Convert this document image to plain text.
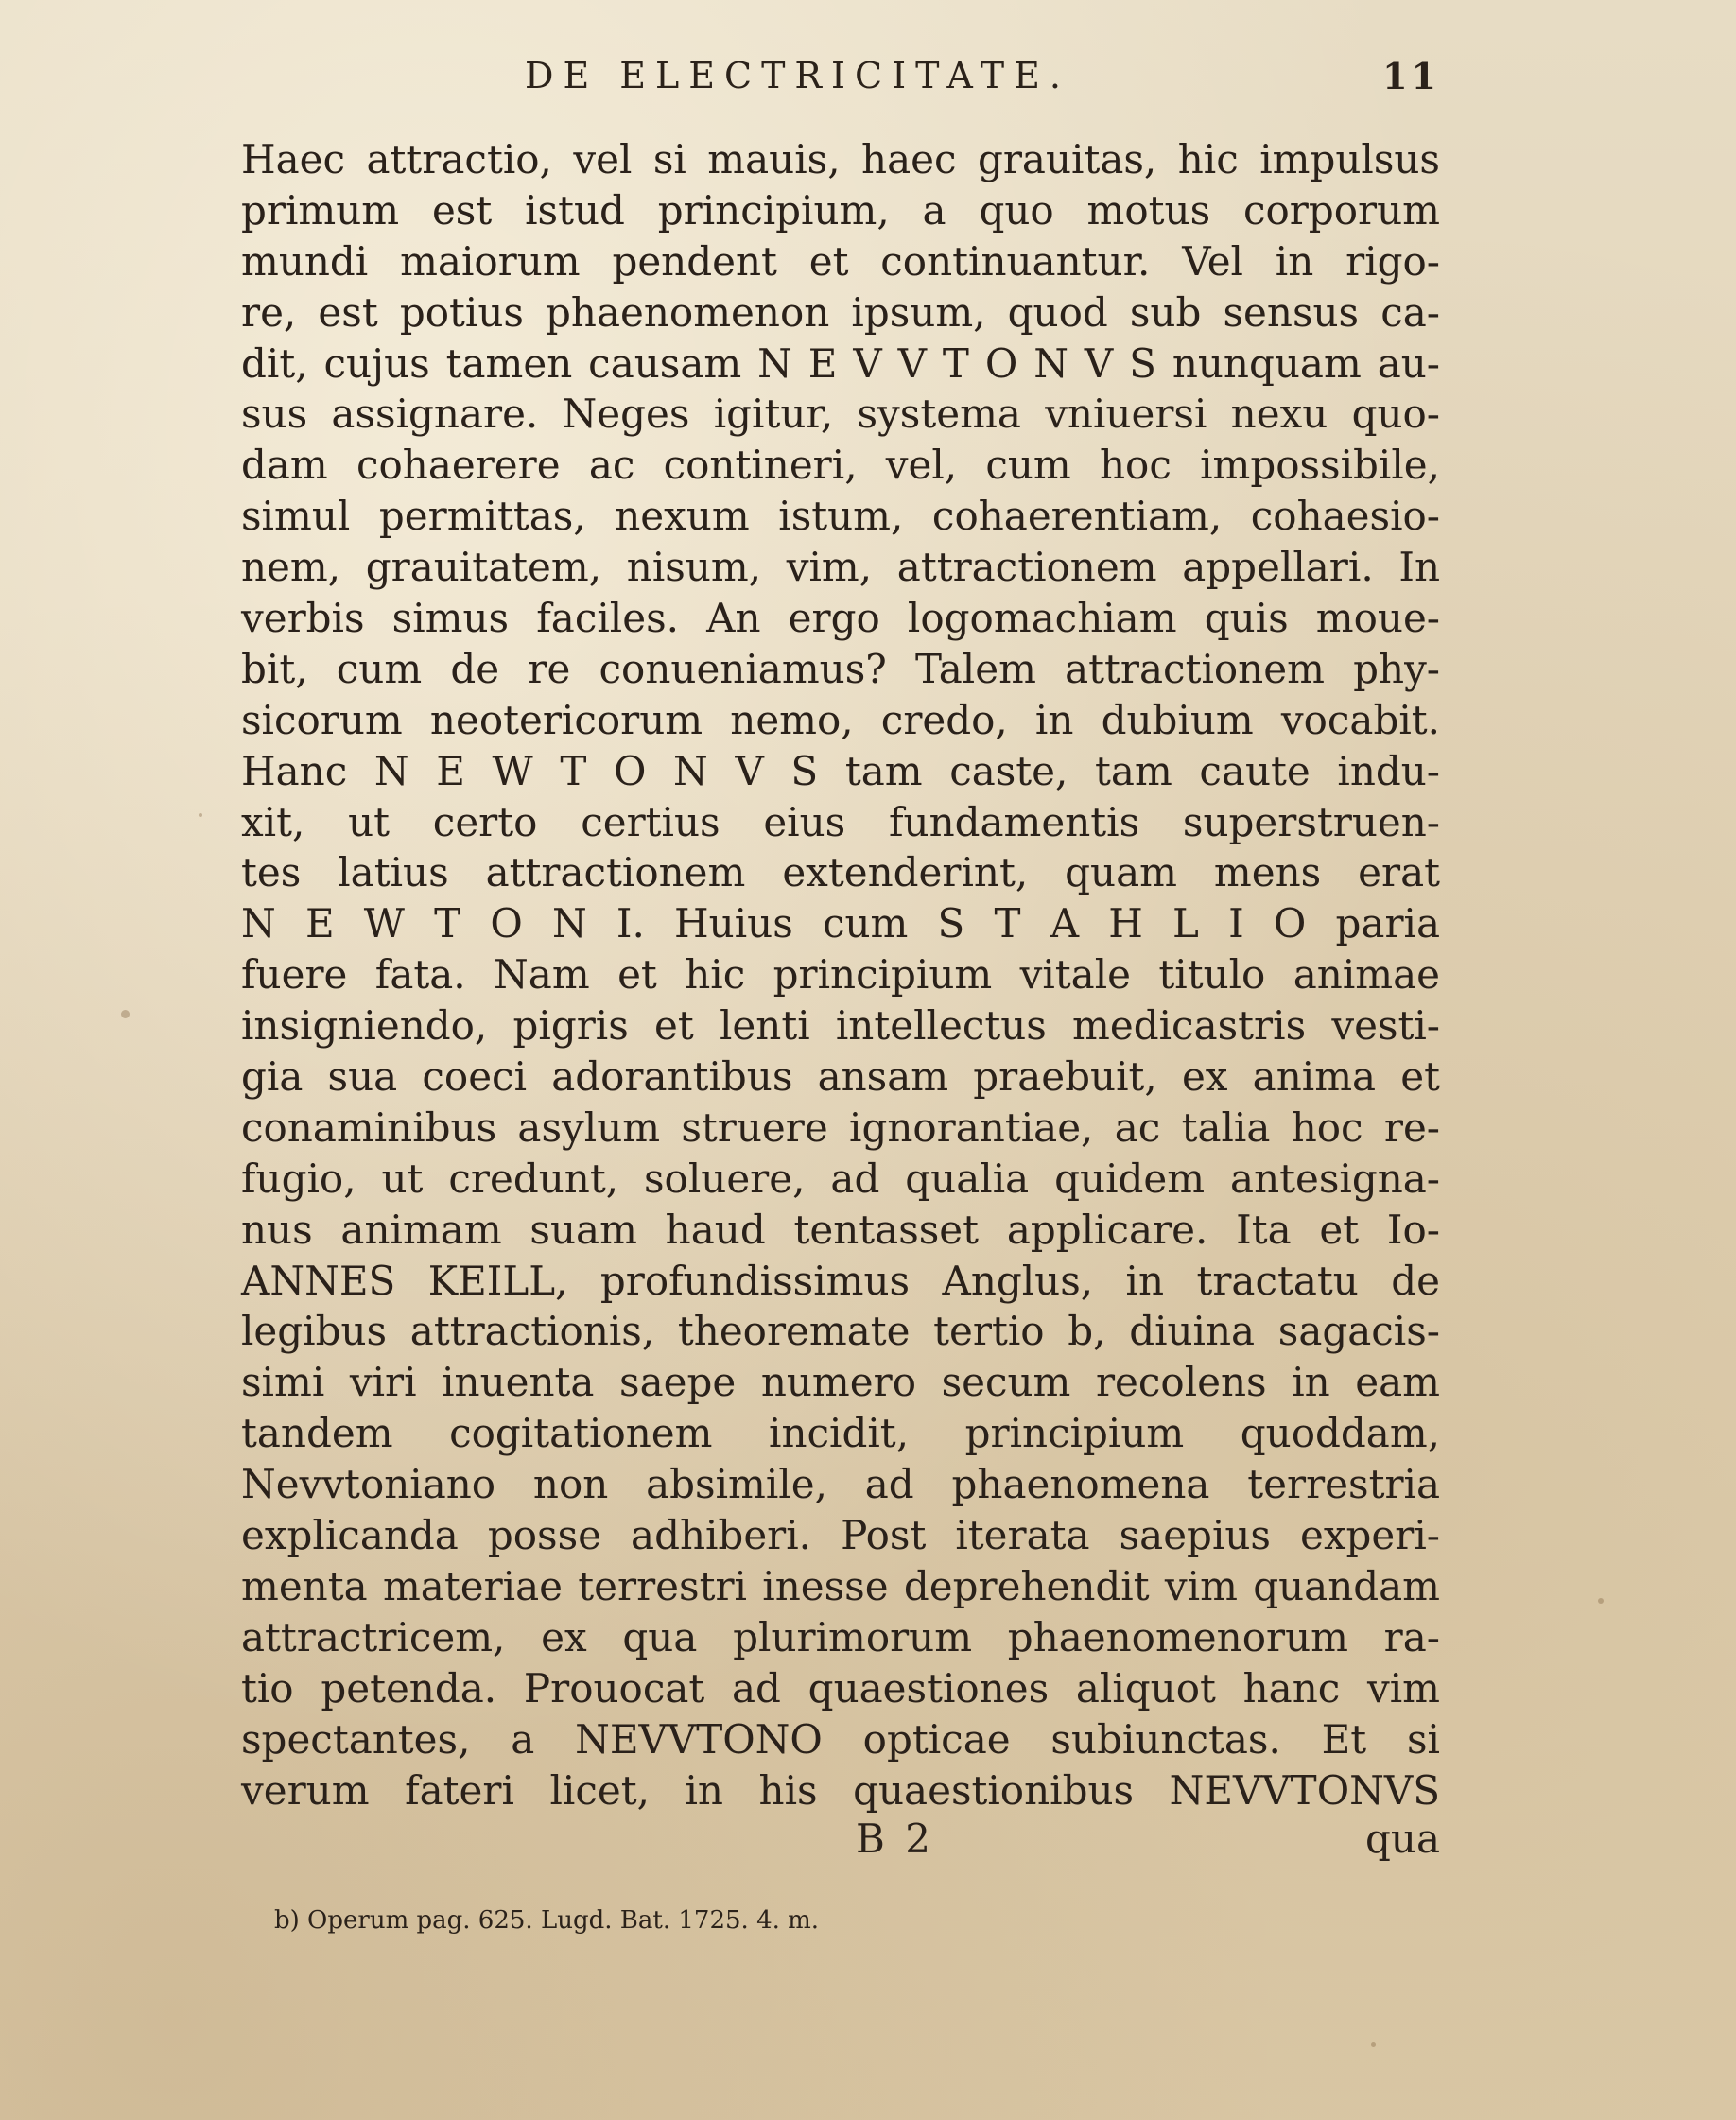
DE ELECTRICITATE.	11
Haec attractio, vel si mauis, haec grauitas, hic impulsus
primum est istud principium, a quo motus corporum
mundi maiorum pendent et continuantur. Vel in rigo-
re, est potius phaenomenon ipsum, quod sub sensus ca-
dit, cujus tamen causam N E V V T O N V S nunquam au-
sus assignare. Neges igitur, systema vniuersi nexu quo-
dam cohaerere ac contineri, vel, cum hoc impossibile,
simul permittas, nexum istum, cohaerentiam, cohaesio-
nem, grauitatem, nisum, vim, attractionem appellari. In
verbis simus faciles. An ergo logomachiam quis moue-
bit, cum de re conueniamus? Talem attractionem phy-
sicorum neotericorum nemo, credo, in dubium vocabit.
Hanc N E W T O N V S tam caste, tam caute indu-
xit, ut certo certius eius fundamentis superstruen-
tes latius attractionem extenderint, quam mens erat
N E W T O N I. Huius cum S T A H L I O paria
fuere fata. Nam et hic principium vitale titulo animae
insigniendo, pigris et lenti intellectus medicastris vesti-
gia sua coeci adorantibus ansam praebuit, ex anima et
conaminibus asylum struere ignorantiae, ac talia hoc re-
fugio, ut credunt, soluere, ad qualia quidem antesigna-
nus animam suam haud tentasset applicare. Ita et Io-
ANNES KEILL, profundissimus Anglus, in tractatu de
legibus attractionis, theoremate tertio b, diuina sagacis-
simi viri inuenta saepe numero secum recolens in eam
tandem cogitationem incidit, principium quoddam,
Nevvtoniano non absimile, ad phaenomena terrestria
explicanda posse adhiberi. Post iterata saepius experi-
menta materiae terrestri inesse deprehendit vim quandam
attractricem, ex qua plurimorum phaenomenorum ra-
tio petenda. Prouocat ad quaestiones aliquot hanc vim
spectantes, a NEVVTONO opticae subiunctas. Et si
verum fateri licet, in his quaestionibus NEVVTONVS
B 2	qua
b) Operum pag. 625. Lugd. Bat. 1725. 4. m.
